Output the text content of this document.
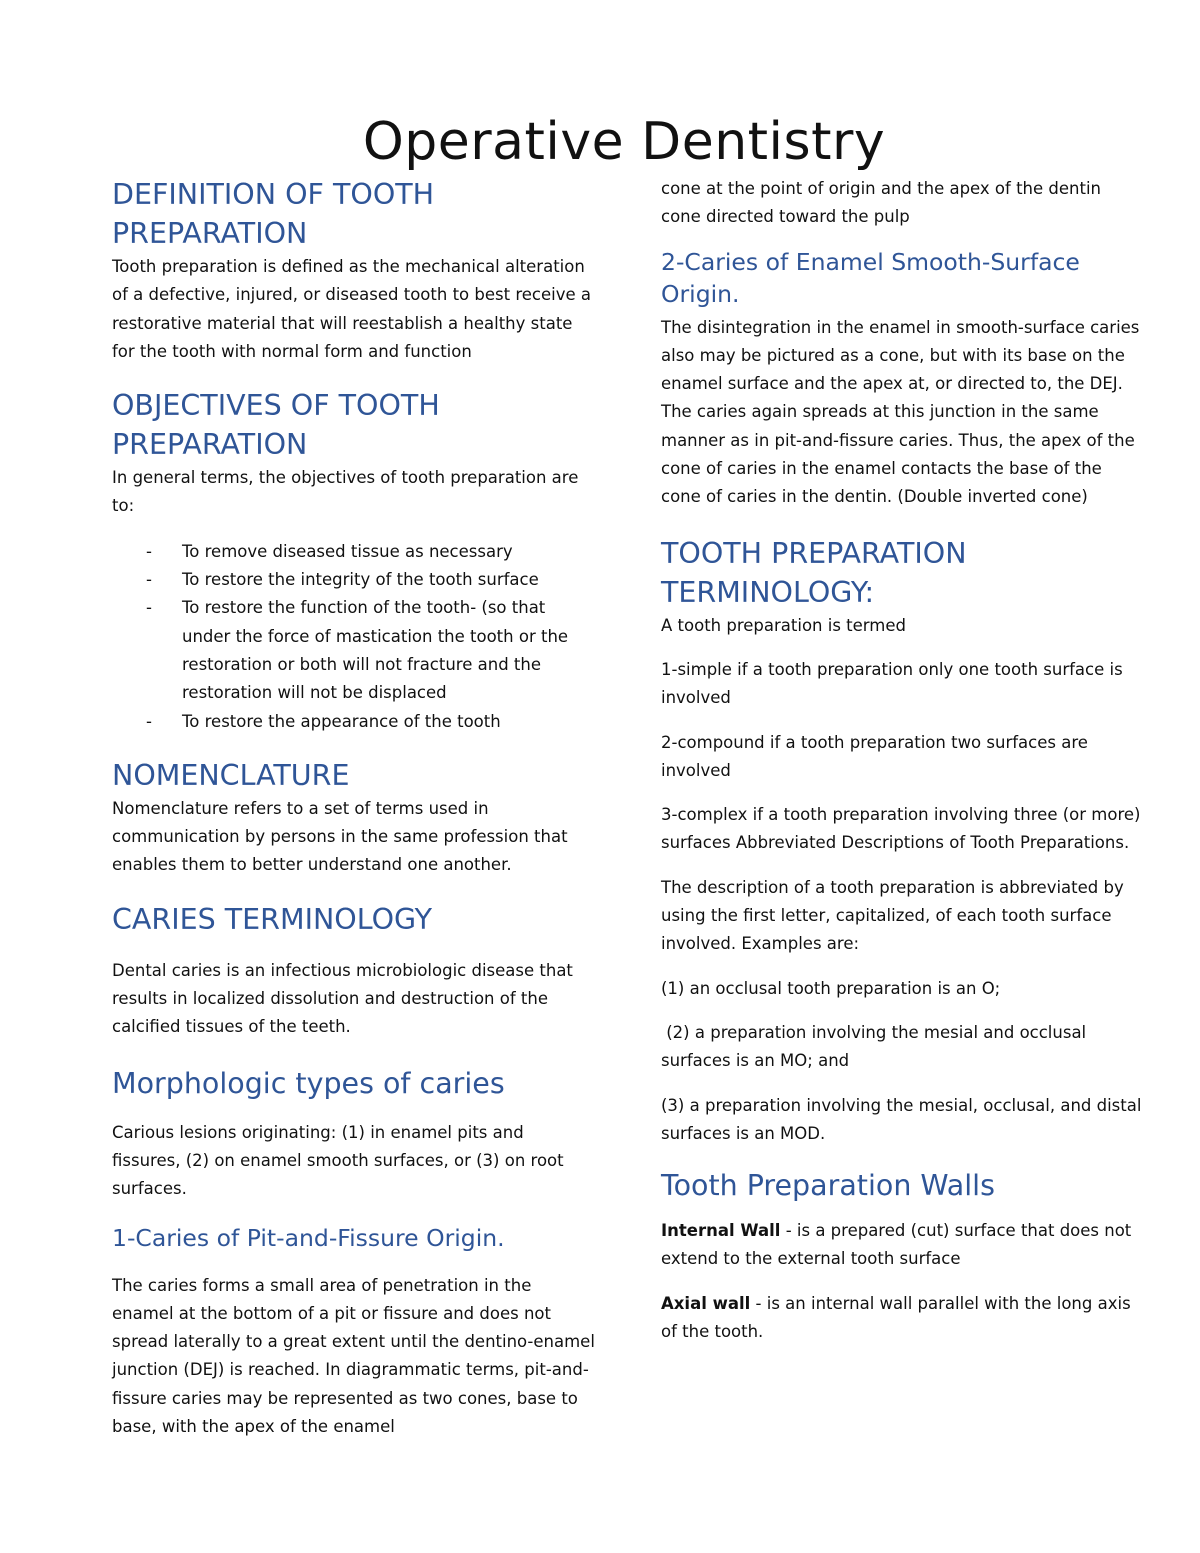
Operative Dentistry
DEFINITION OF TOOTH PREPARATION

Tooth preparation is defined as the mechanical alteration of a defective, injured, or diseased tooth to best receive a restorative material that will reestablish a healthy state for the tooth with normal form and function

OBJECTIVES OF TOOTH PREPARATION

In general terms, the objectives of tooth preparation are to:

- To remove diseased tissue as necessary
- To restore the integrity of the tooth surface
- To restore the function of the tooth- (so that under the force of mastication the tooth or the restoration or both will not fracture and the restoration will not be displaced
- To restore the appearance of the tooth
NOMENCLATURE

Nomenclature refers to a set of terms used in communication by persons in the same profession that enables them to better understand one another.

CARIES TERMINOLOGY

Dental caries is an infectious microbiologic disease that results in localized dissolution and destruction of the calcified tissues of the teeth.

Morphologic types of caries

Carious lesions originating: (1) in enamel pits and fissures, (2) on enamel smooth surfaces, or (3) on root surfaces.

1-Caries of Pit-and-Fissure Origin.

The caries forms a small area of penetration in the enamel at the bottom of a pit or fissure and does not spread laterally to a great extent until the dentino-enamel junction (DEJ) is reached. In diagrammatic terms, pit-and-fissure caries may be represented as two cones, base to base, with the apex of the enamel

cone at the point of origin and the apex of the dentin cone directed toward the pulp

2-Caries of Enamel Smooth-Surface Origin.

The disintegration in the enamel in smooth-surface caries also may be pictured as a cone, but with its base on the enamel surface and the apex at, or directed to, the DEJ. The caries again spreads at this junction in the same manner as in pit-and-fissure caries. Thus, the apex of the cone of caries in the enamel contacts the base of the cone of caries in the dentin. (Double inverted cone)

TOOTH PREPARATION TERMINOLOGY:

A tooth preparation is termed

1-simple if a tooth preparation only one tooth surface is involved

2-compound if a tooth preparation two surfaces are involved

3-complex if a tooth preparation involving three (or more) surfaces Abbreviated Descriptions of Tooth Preparations.

The description of a tooth preparation is abbreviated by using the first letter, capitalized, of each tooth surface involved. Examples are:

(1) an occlusal tooth preparation is an O;

(2) a preparation involving the mesial and occlusal surfaces is an MO; and

(3) a preparation involving the mesial, occlusal, and distal surfaces is an MOD.

Tooth Preparation Walls

Internal Wall - is a prepared (cut) surface that does not extend to the external tooth surface

Axial wall - is an internal wall parallel with the long axis of the tooth.
